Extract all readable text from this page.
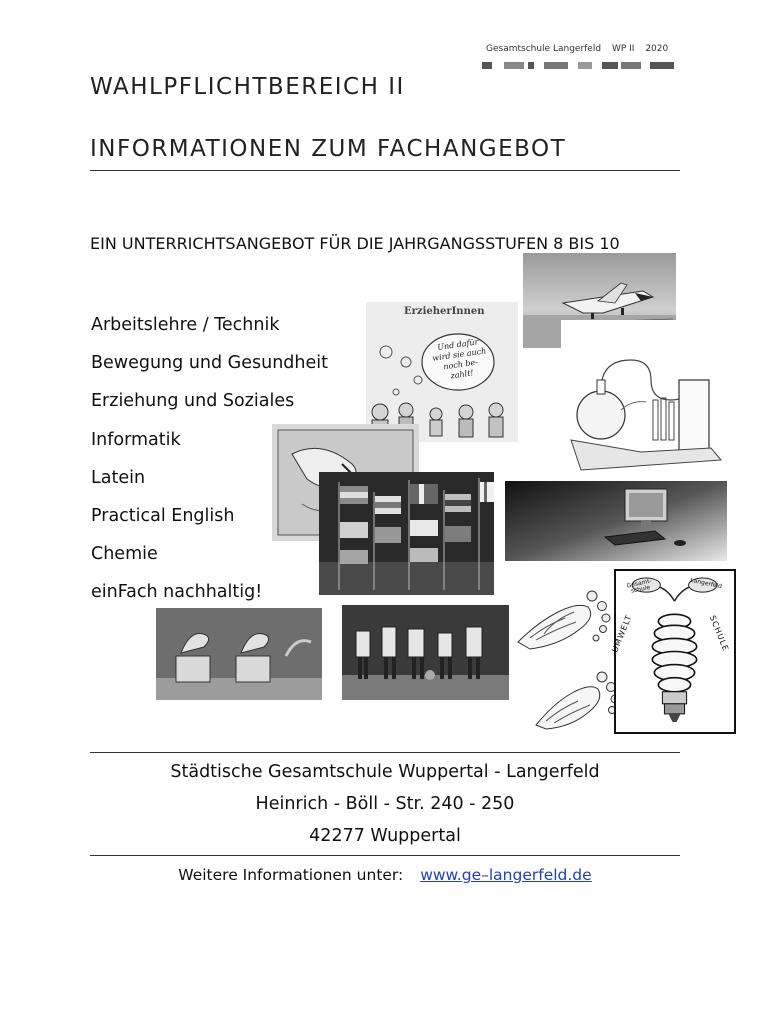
Gesamtschule Langerfeld WP II 2020
WAHLPFLICHTBEREICH II
INFORMATIONEN ZUM FACHANGEBOT
EIN UNTERRICHTSANGEBOT FÜR DIE JAHRGANGSSTUFEN 8 BIS 10
Arbeitslehre / Technik
Bewegung und Gesundheit
Erziehung und Soziales
Informatik
Latein
Practical English
Chemie
einFach nachhaltig!
ErzieherInnen
Und dafür wird sie auch noch be- zahlt!
Gesamt-schule	Langerfeld
UMWELT	SCHULE
Städtische Gesamtschule Wuppertal - Langerfeld
Heinrich - Böll - Str. 240 - 250
42277 Wuppertal
Weitere Informationen unter: www.ge–langerfeld.de
